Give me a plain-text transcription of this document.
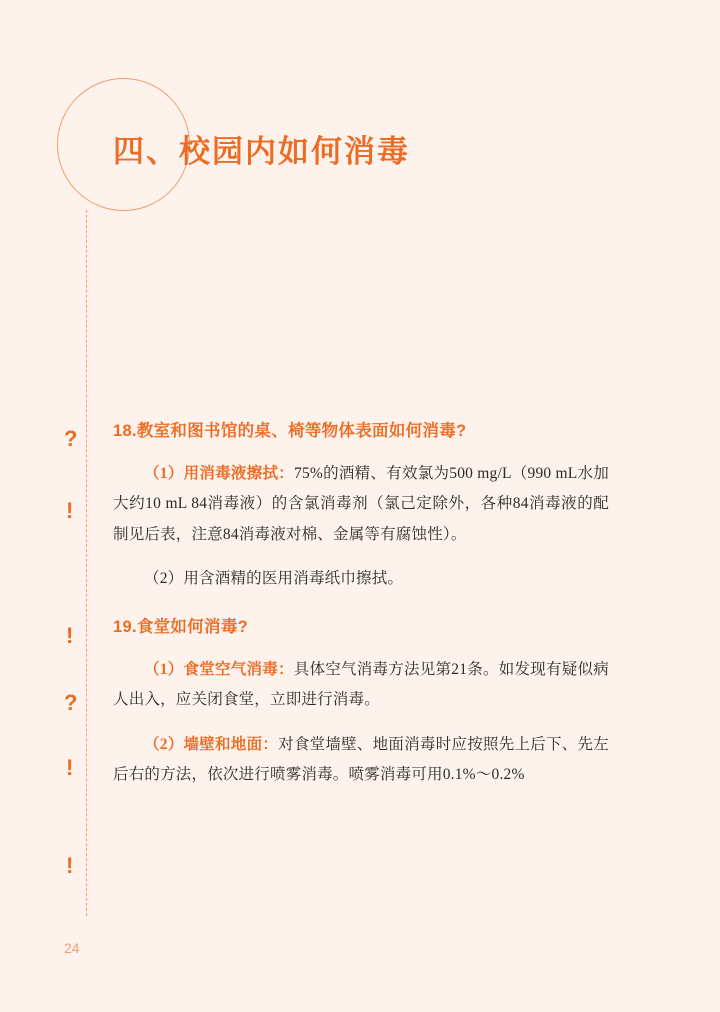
四、校园内如何消毒
?
!
!
?
!
!
18.教室和图书馆的桌、椅等物体表面如何消毒?

（1）用消毒液擦拭：75%的酒精、有效氯为500 mg/L（990 mL水加大约10 mL 84消毒液）的含氯消毒剂（氯己定除外，各种84消毒液的配制见后表，注意84消毒液对棉、金属等有腐蚀性）。

（2）用含酒精的医用消毒纸巾擦拭。

19.食堂如何消毒?

（1）食堂空气消毒：具体空气消毒方法见第21条。如发现有疑似病人出入，应关闭食堂，立即进行消毒。

（2）墙壁和地面：对食堂墙壁、地面消毒时应按照先上后下、先左后右的方法，依次进行喷雾消毒。喷雾消毒可用0.1%～0.2%

24
